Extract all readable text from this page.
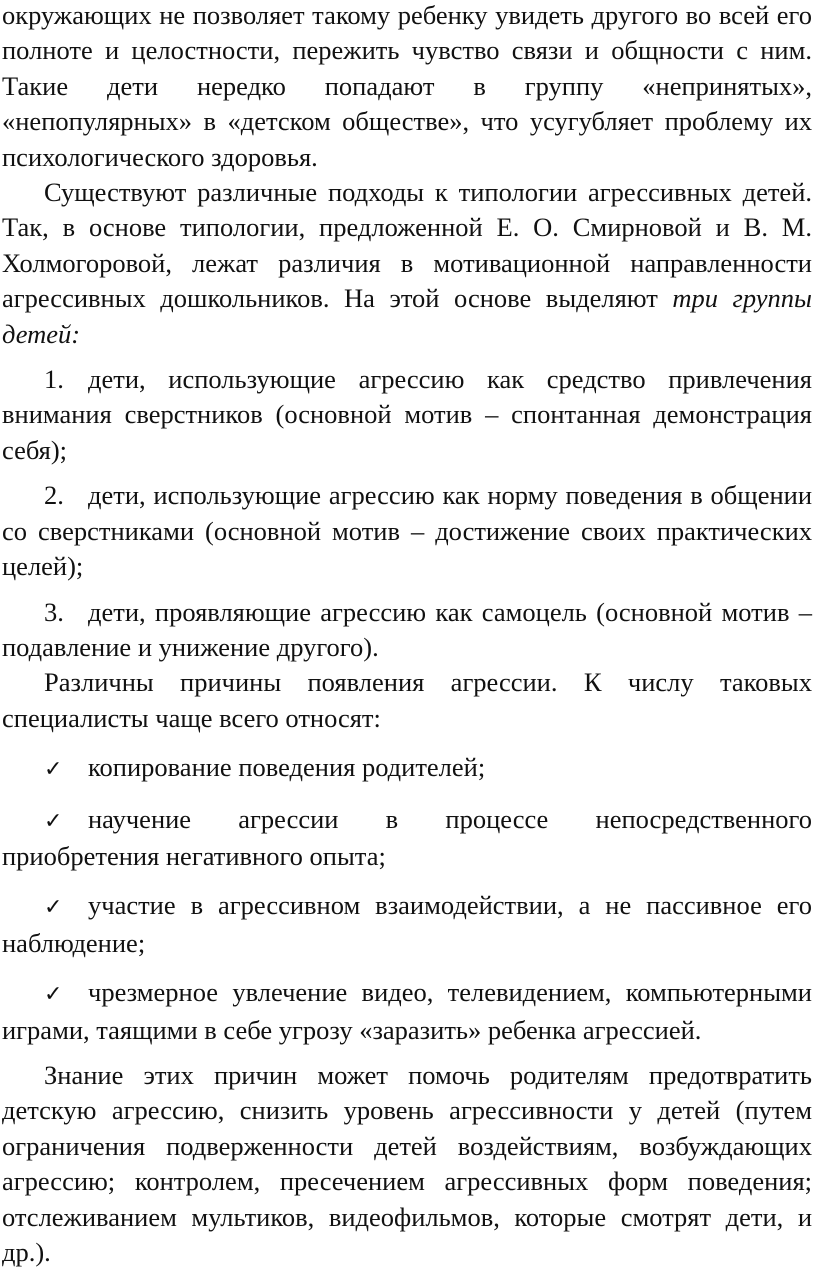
окружающих не позволяет такому ребенку увидеть другого во всей его полноте и целостности, пережить чувство связи и общности с ним. Такие дети нередко попадают в группу «непринятых», «непопулярных» в «детском обществе», что усугубляет проблему их психологического здоровья.

Существуют различные подходы к типологии агрессивных детей. Так, в основе типологии, предложенной Е. О. Смирновой и В. М. Холмогоровой, лежат различия в мотивационной направленности агрессивных дошкольников. На этой основе выделяют три группы детей:

1. дети, использующие агрессию как средство привлечения внимания сверстников (основной мотив – спонтанная демонстрация себя);

2. дети, использующие агрессию как норму поведения в общении со сверстниками (основной мотив – достижение своих практических целей);

3. дети, проявляющие агрессию как самоцель (основной мотив – подавление и унижение другого).

Различны причины появления агрессии. К числу таковых специалисты чаще всего относят:

✓ копирование поведения родителей;

✓ научение агрессии в процессе непосредственного приобретения негативного опыта;

✓ участие в агрессивном взаимодействии, а не пассивное его наблюдение;

✓ чрезмерное увлечение видео, телевидением, компьютерными играми, таящими в себе угрозу «заразить» ребенка агрессией.

Знание этих причин может помочь родителям предотвратить детскую агрессию, снизить уровень агрессивности у детей (путем ограничения подверженности детей воздействиям, возбуждающих агрессию; контролем, пресечением агрессивных форм поведения; отслеживанием мультиков, видеофильмов, которые смотрят дети, и др.).
